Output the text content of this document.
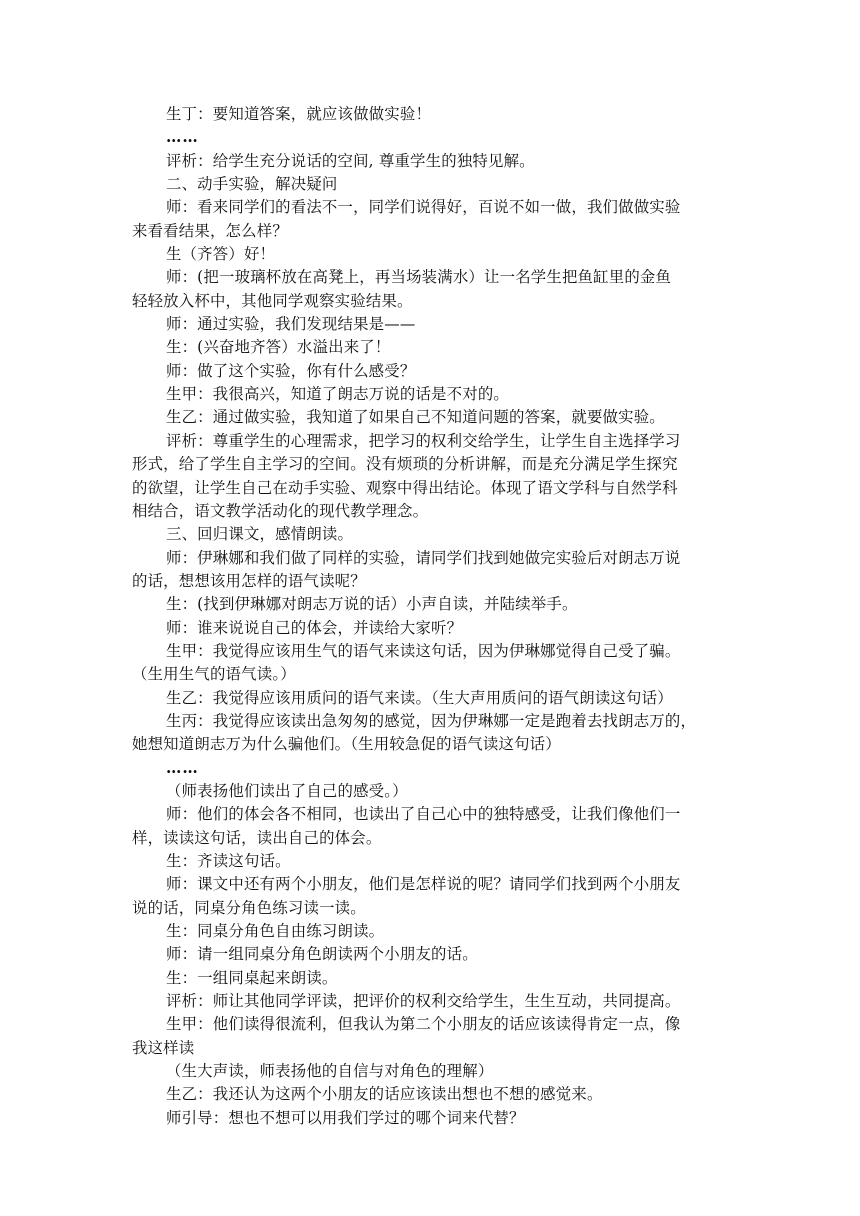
生丁：要知道答案，就应该做做实验！
……
评析：给学生充分说话的空间, 尊重学生的独特见解。
二、动手实验，解决疑问
师：看来同学们的看法不一，同学们说得好，百说不如一做，我们做做实验
来看看结果，怎么样？
生（齐答）好！
师：(把一玻璃杯放在高凳上，再当场装满水）让一名学生把鱼缸里的金鱼
轻轻放入杯中，其他同学观察实验结果。
师：通过实验，我们发现结果是——
生：(兴奋地齐答）水溢出来了！
师：做了这个实验，你有什么感受？
生甲：我很高兴，知道了朗志万说的话是不对的。
生乙：通过做实验，我知道了如果自己不知道问题的答案，就要做实验。
评析：尊重学生的心理需求，把学习的权利交给学生，让学生自主选择学习
形式，给了学生自主学习的空间。没有烦琐的分析讲解，而是充分满足学生探究
的欲望，让学生自己在动手实验、观察中得出结论。体现了语文学科与自然学科
相结合，语文教学活动化的现代教学理念。
三、回归课文，感情朗读。
师：伊琳娜和我们做了同样的实验，请同学们找到她做完实验后对朗志万说
的话，想想该用怎样的语气读呢？
生：(找到伊琳娜对朗志万说的话）小声自读，并陆续举手。
师：谁来说说自己的体会，并读给大家听？
生甲：我觉得应该用生气的语气来读这句话，因为伊琳娜觉得自己受了骗。
（生用生气的语气读。）
生乙：我觉得应该用质问的语气来读。（生大声用质问的语气朗读这句话）
生丙：我觉得应该读出急匆匆的感觉，因为伊琳娜一定是跑着去找朗志万的，
她想知道朗志万为什么骗他们。（生用较急促的语气读这句话）
……
（师表扬他们读出了自己的感受。）
师：他们的体会各不相同，也读出了自己心中的独特感受，让我们像他们一
样，读读这句话，读出自己的体会。
生：齐读这句话。
师：课文中还有两个小朋友，他们是怎样说的呢？请同学们找到两个小朋友
说的话，同桌分角色练习读一读。
生：同桌分角色自由练习朗读。
师：请一组同桌分角色朗读两个小朋友的话。
生：一组同桌起来朗读。
评析：师让其他同学评读，把评价的权利交给学生，生生互动，共同提高。
生甲：他们读得很流利，但我认为第二个小朋友的话应该读得肯定一点，像
我这样读
（生大声读，师表扬他的自信与对角色的理解）
生乙：我还认为这两个小朋友的话应该读出想也不想的感觉来。
师引导：想也不想可以用我们学过的哪个词来代替？
